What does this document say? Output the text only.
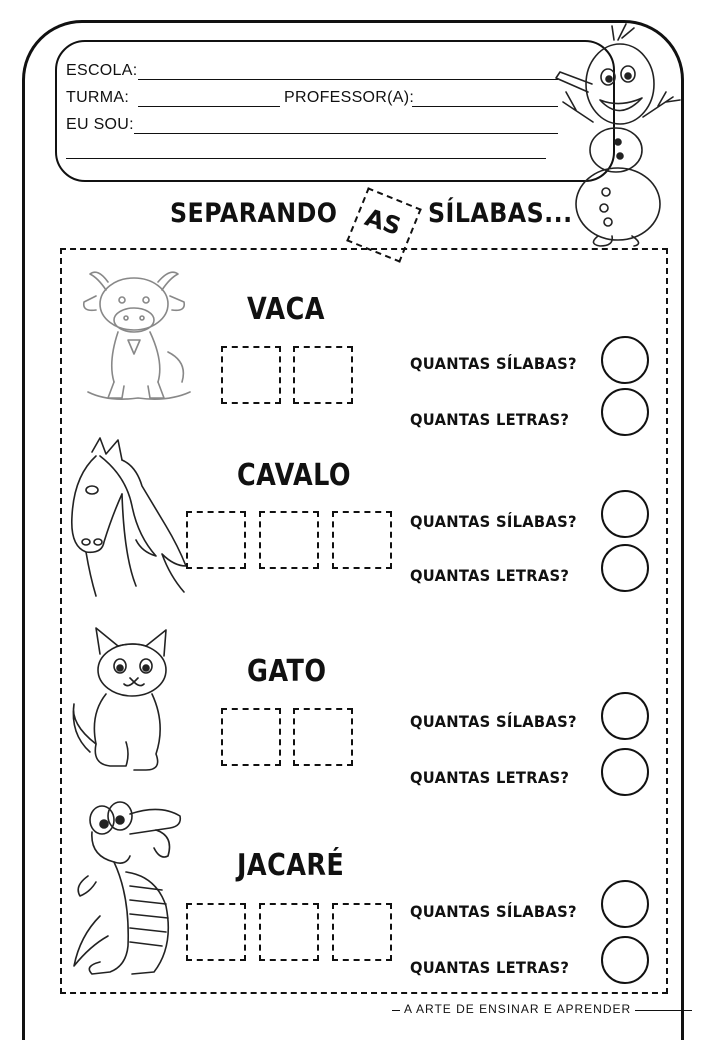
ESCOLA:
TURMA:	PROFESSOR(A):
EU SOU:
SEPARANDO AS SÍLABAS...
VACA
QUANTAS SÍLABAS?
QUANTAS LETRAS?
CAVALO
QUANTAS SÍLABAS?
QUANTAS LETRAS?
GATO
QUANTAS SÍLABAS?
QUANTAS LETRAS?
JACARÉ
QUANTAS SÍLABAS?
QUANTAS LETRAS?
A ARTE DE ENSINAR E APRENDER
